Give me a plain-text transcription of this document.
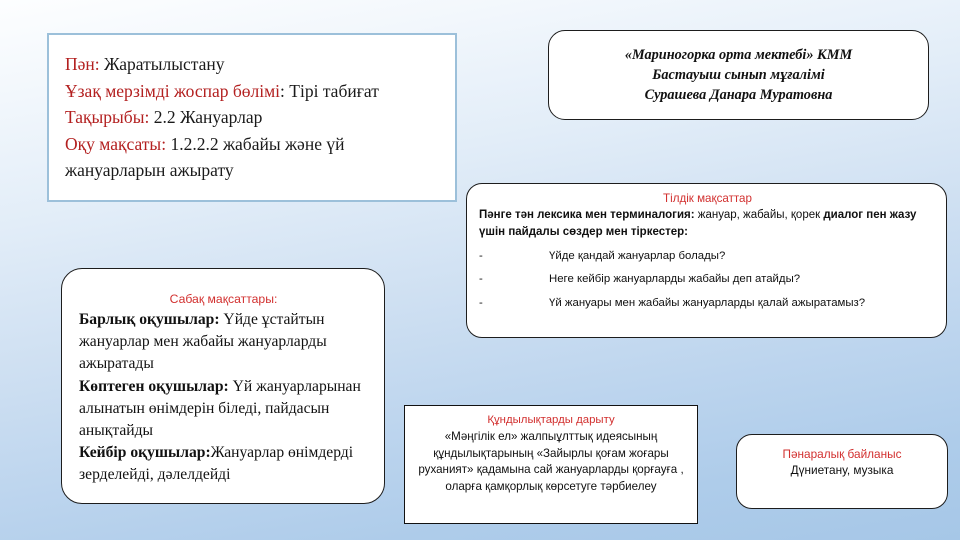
Пән: Жаратылыстану
Ұзақ мерзімді жоспар бөлімі: Тірі табиғат
Тақырыбы: 2.2 Жануарлар
Оқу мақсаты: 1.2.2.2 жабайы және үй жануарларын ажырату
«Мариногорка орта мектебі» КММ
Бастауыш сынып мұғалімі
Сурашева Данара Муратовна
Тілдік мақсаттар
Пәнге тән лексика мен терминалогия: жануар, жабайы, қорек диалог пен жазу үшін пайдалы сөздер мен тіркестер:
-	Үйде қандай жануарлар болады?
-	Неге кейбір жануарларды жабайы деп атайды?
-	Үй жануары мен жабайы жануарларды қалай ажыратамыз?
Сабақ мақсаттары:

Барлық оқушылар: Үйде ұстайтын жануарлар мен жабайы жануарларды ажыратады

Көптеген оқушылар: Үй жануарларынан алынатын өнімдерін біледі, пайдасын анықтайды

Кейбір оқушылар:Жануарлар өнімдерді зерделейді, дәлелдейді

Құндылықтарды дарыту
«Мәңгілік ел» жалпыұлттық идеясының құндылықтарының «Зайырлы қоғам жоғары руханият» қадамына сай жануарларды қорғауға , оларға қамқорлық көрсетуге тәрбиелеу
Пәнаралық байланыс
Дүниетану, музыка
